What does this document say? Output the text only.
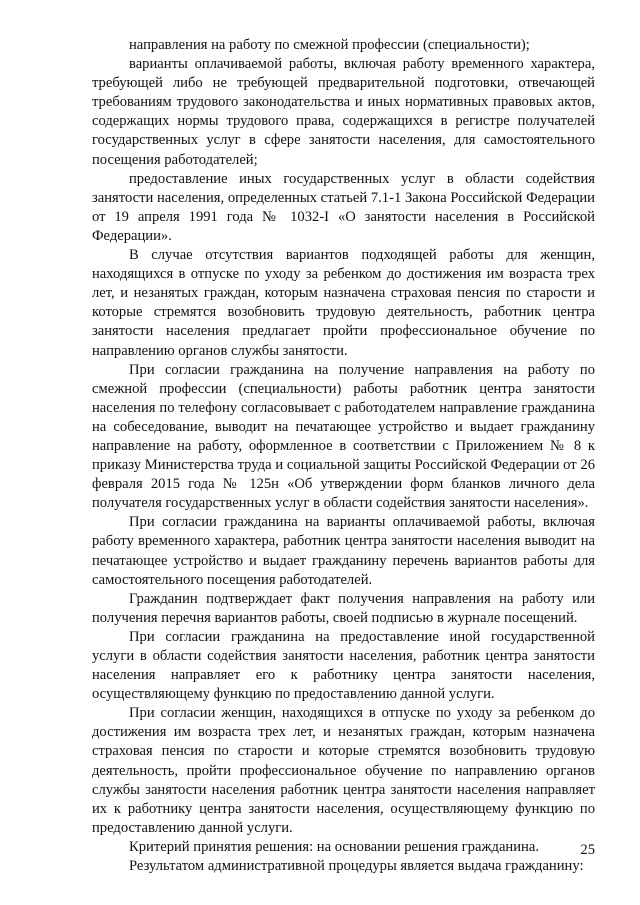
направления на работу по смежной профессии (специальности);

варианты оплачиваемой работы, включая работу временного характера, требующей либо не требующей предварительной подготовки, отвечающей требованиям трудового законодательства и иных нормативных правовых актов, содержащих нормы трудового права, содержащихся в регистре получателей государственных услуг в сфере занятости населения, для самостоятельного посещения работодателей;

предоставление иных государственных услуг в области содействия занятости населения, определенных статьей 7.1-1 Закона Российской Федерации от 19 апреля 1991 года № 1032-I «О занятости населения в Российской Федерации».

В случае отсутствия вариантов подходящей работы для женщин, находящихся в отпуске по уходу за ребенком до достижения им возраста трех лет, и незанятых граждан, которым назначена страховая пенсия по старости и которые стремятся возобновить трудовую деятельность, работник центра занятости населения предлагает пройти профессиональное обучение по направлению органов службы занятости.

При согласии гражданина на получение направления на работу по смежной профессии (специальности) работы работник центра занятости населения по телефону согласовывает с работодателем направление гражданина на собеседование, выводит на печатающее устройство и выдает гражданину направление на работу, оформленное в соответствии с Приложением № 8 к приказу Министерства труда и социальной защиты Российской Федерации от 26 февраля 2015 года № 125н «Об утверждении форм бланков личного дела получателя государственных услуг в области содействия занятости населения».

При согласии гражданина на варианты оплачиваемой работы, включая работу временного характера, работник центра занятости населения выводит на печатающее устройство и выдает гражданину перечень вариантов работы для самостоятельного посещения работодателей.

Гражданин подтверждает факт получения направления на работу или получения перечня вариантов работы, своей подписью в журнале посещений.

При согласии гражданина на предоставление иной государственной услуги в области содействия занятости населения, работник центра занятости населения направляет его к работнику центра занятости населения, осуществляющему функцию по предоставлению данной услуги.

При согласии женщин, находящихся в отпуске по уходу за ребенком до достижения им возраста трех лет, и незанятых граждан, которым назначена страховая пенсия по старости и которые стремятся возобновить трудовую деятельность, пройти профессиональное обучение по направлению органов службы занятости населения работник центра занятости населения направляет их к работнику центра занятости населения, осуществляющему функцию по предоставлению данной услуги.

Критерий принятия решения: на основании решения гражданина.

Результатом административной процедуры является выдача гражданину:

25
